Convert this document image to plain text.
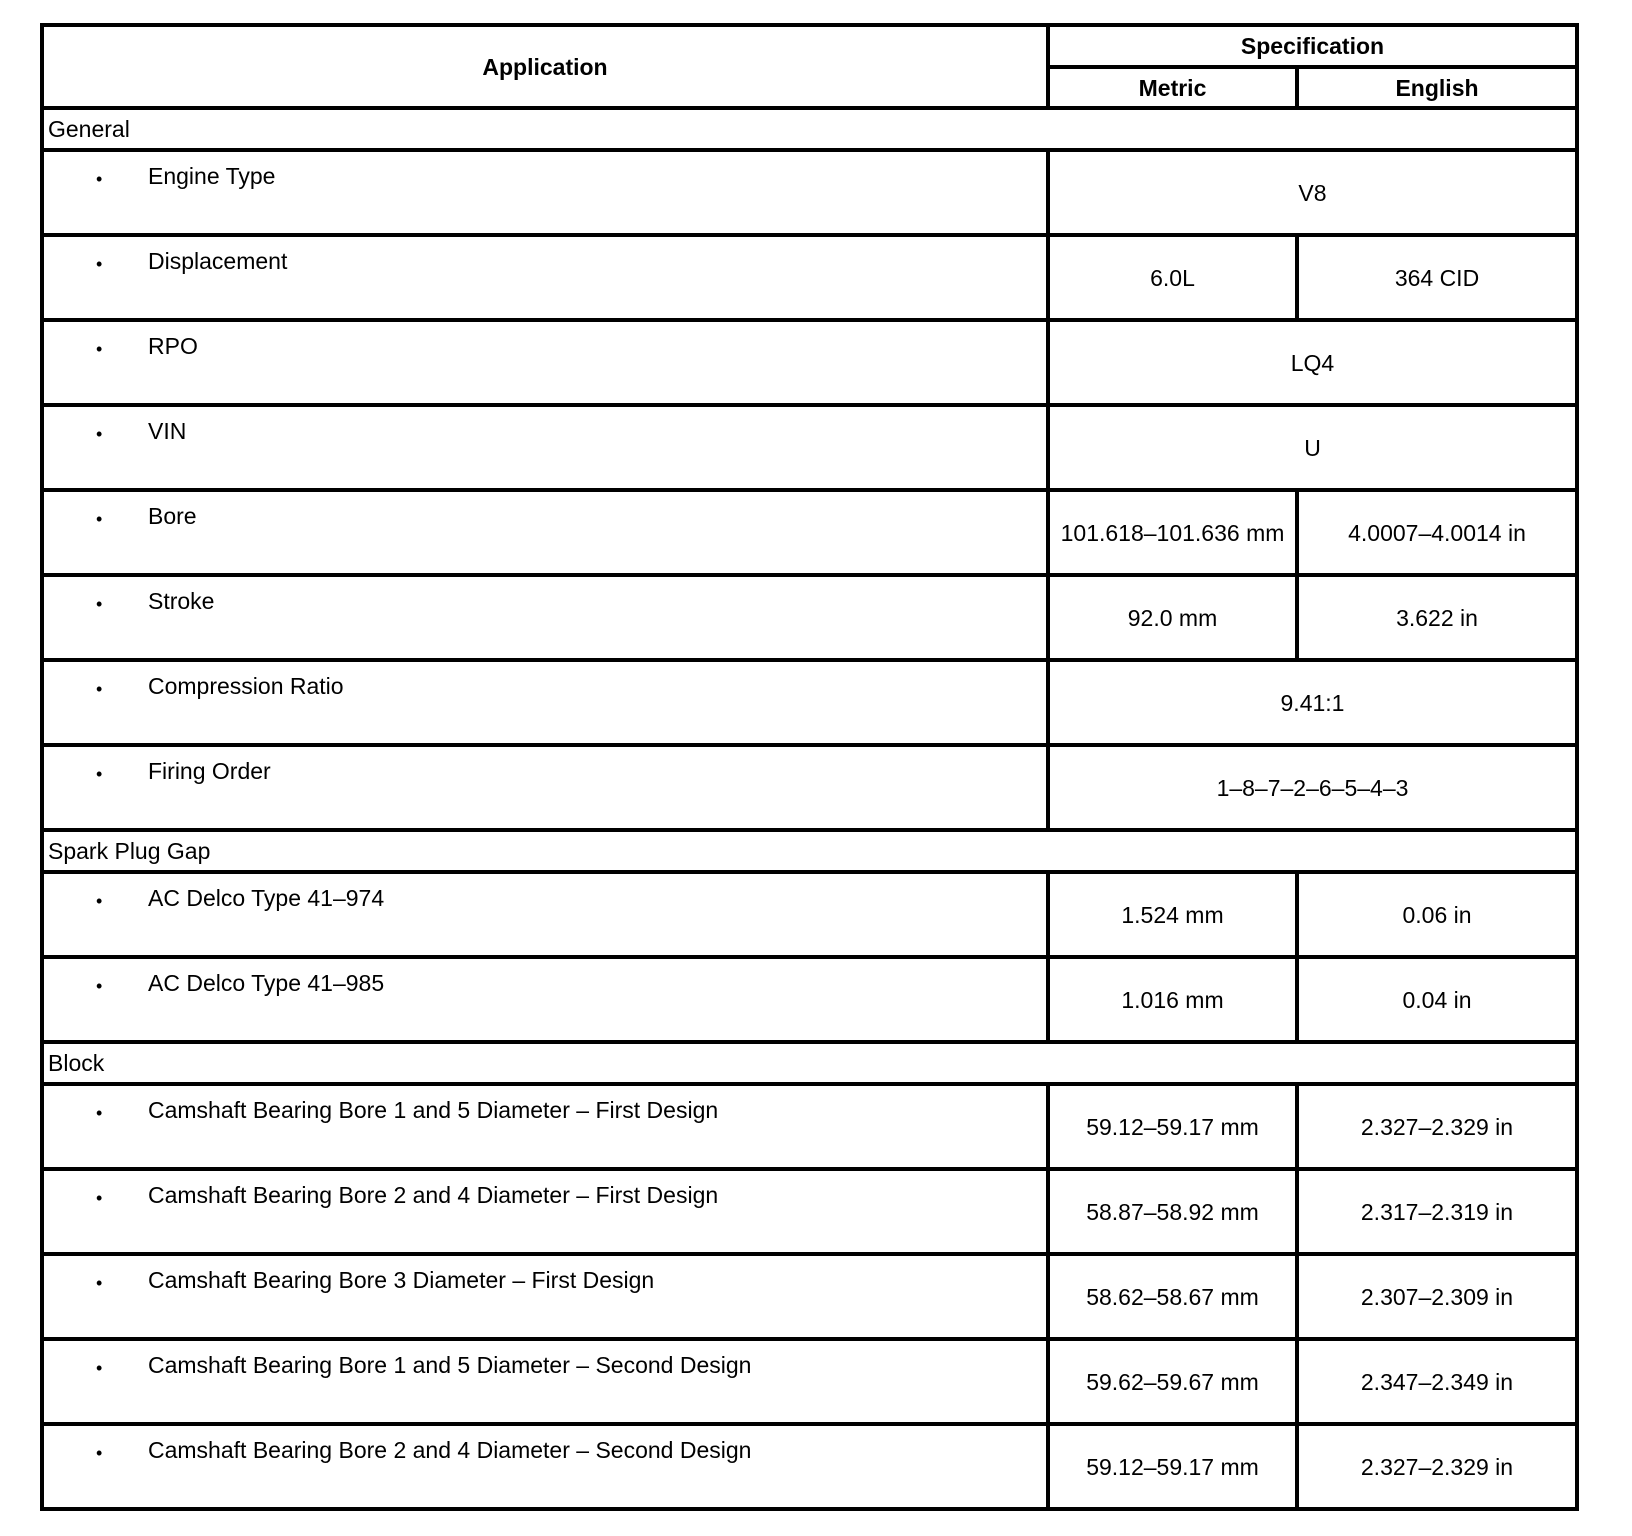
Application	Specification	
	Metric	English
General		

• Engine Type	V8	

• Displacement	6.0L	364 CID

• RPO	LQ4	

• VIN	U	

• Bore	101.618–101.636 mm	4.0007–4.0014 in

• Stroke	92.0 mm	3.622 in

• Compression Ratio	9.41:1	

• Firing Order	1–8–7–2–6–5–4–3	
Spark Plug Gap		

• AC Delco Type 41–974	1.524 mm	0.06 in

• AC Delco Type 41–985	1.016 mm	0.04 in
Block		

• Camshaft Bearing Bore 1 and 5 Diameter – First Design	59.12–59.17 mm	2.327–2.329 in

• Camshaft Bearing Bore 2 and 4 Diameter – First Design	58.87–58.92 mm	2.317–2.319 in

• Camshaft Bearing Bore 3 Diameter – First Design	58.62–58.67 mm	2.307–2.309 in

• Camshaft Bearing Bore 1 and 5 Diameter – Second Design	59.62–59.67 mm	2.347–2.349 in

• Camshaft Bearing Bore 2 and 4 Diameter – Second Design	59.12–59.17 mm	2.327–2.329 in
